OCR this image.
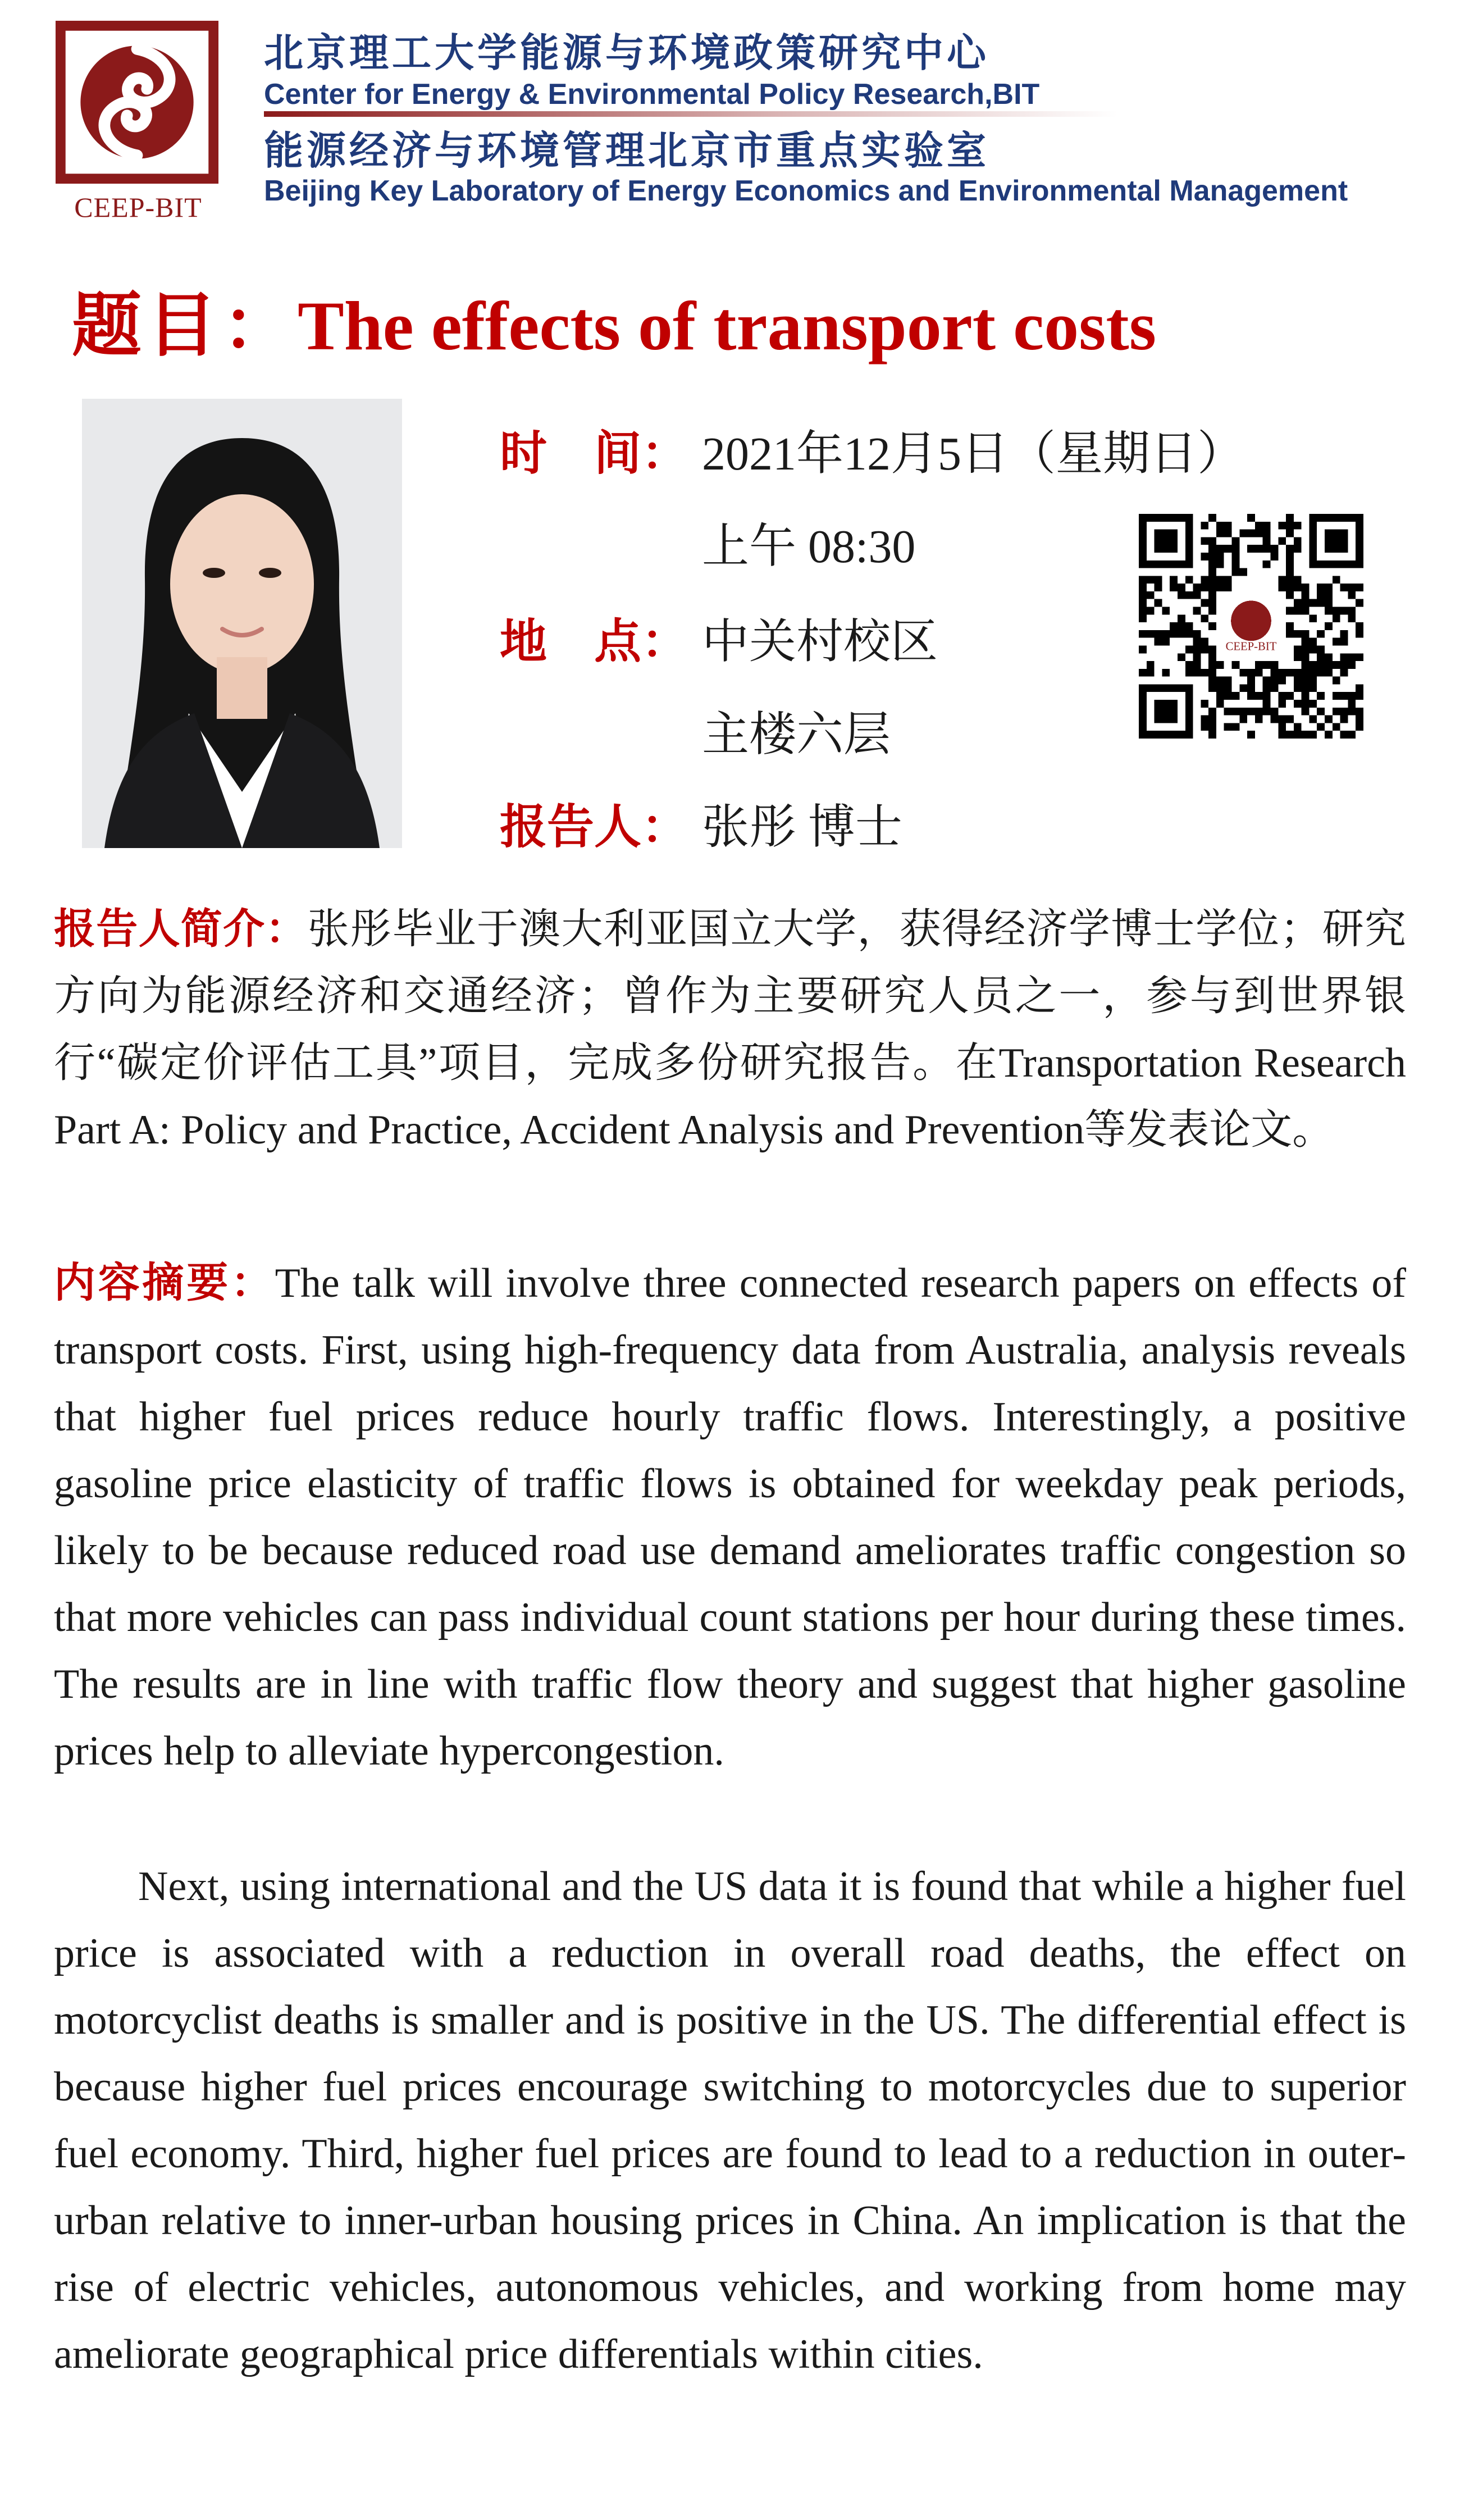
CEEP-BIT
北京理工大学能源与环境政策研究中心
Center for Energy & Environmental Policy Research,BIT
能源经济与环境管理北京市重点实验室
Beijing Key Laboratory of Energy Economics and Environmental Management
题目：The effects of transport costs
时　间： 2021年12月5日（星期日）
上午 08:30
地　点： 中关村校区
主楼六层
报告人： 张彤 博士
CEEP-BIT
报告人简介：张彤毕业于澳大利亚国立大学，获得经济学博士学位；研究方向为能源经济和交通经济；曾作为主要研究人员之一，参与到世界银行“碳定价评估工具”项目，完成多份研究报告。在Transportation Research Part A: Policy and Practice, Accident Analysis and Prevention等发表论文。
内容摘要：The talk will involve three connected research papers on effects of transport costs. First, using high-frequency data from Australia, analysis reveals that higher fuel prices reduce hourly traffic flows. Interestingly, a positive gasoline price elasticity of traffic flows is obtained for weekday peak periods, likely to be because reduced road use demand ameliorates traffic congestion so that more vehicles can pass individual count stations per hour during these times. The results are in line with traffic flow theory and suggest that higher gasoline prices help to alleviate hypercongestion.
Next, using international and the US data it is found that while a higher fuel price is associated with a reduction in overall road deaths, the effect on motorcyclist deaths is smaller and is positive in the US. The differential effect is because higher fuel prices encourage switching to motorcycles due to superior fuel economy. Third, higher fuel prices are found to lead to a reduction in outer-urban relative to inner-urban housing prices in China. An implication is that the rise of electric vehicles, autonomous vehicles, and working from home may ameliorate geographical price differentials within cities.
